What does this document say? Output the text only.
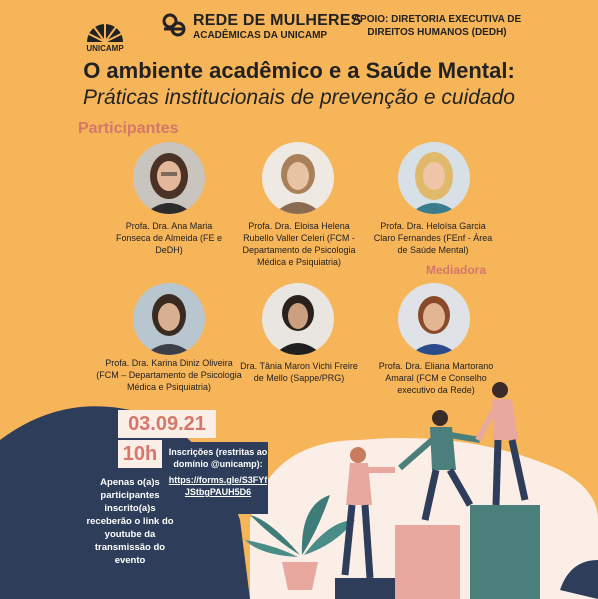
UNICAMP
REDE DE MULHERES
ACADÊMICAS DA UNICAMP
APOIO: DIRETORIA EXECUTIVA DE DIREITOS HUMANOS (DEDH)
O ambiente acadêmico e a Saúde Mental:
Práticas institucionais de prevenção e cuidado
Participantes
Mediadora
Profa. Dra. Ana Maria Fonseca de Almeida (FE e DeDH)
Profa. Dra. Eloisa Helena Rubello Valler Celeri (FCM - Departamento de Psicologia Médica e Psiquiatria)
Profa. Dra. Heloísa Garcia Claro Fernandes (FEnf - Área de Saúde Mental)
Profa. Dra. Karina Diniz Oliveira (FCM – Departamento de Psicologia Médica e Psiquiatria)
Dra. Tânia Maron Vichi Freire de Mello (Sappe/PRG)
Profa. Dra. Eliana Martorano Amaral (FCM e Conselho executivo da Rede)
03.09.21
10h	Inscrições (restritas ao domínio @unicamp):
https://forms.gle/S3FYfJStbgPAUH5D6
Apenas o(a)s participantes inscrito(a)s receberão o link do youtube da transmissão do evento
